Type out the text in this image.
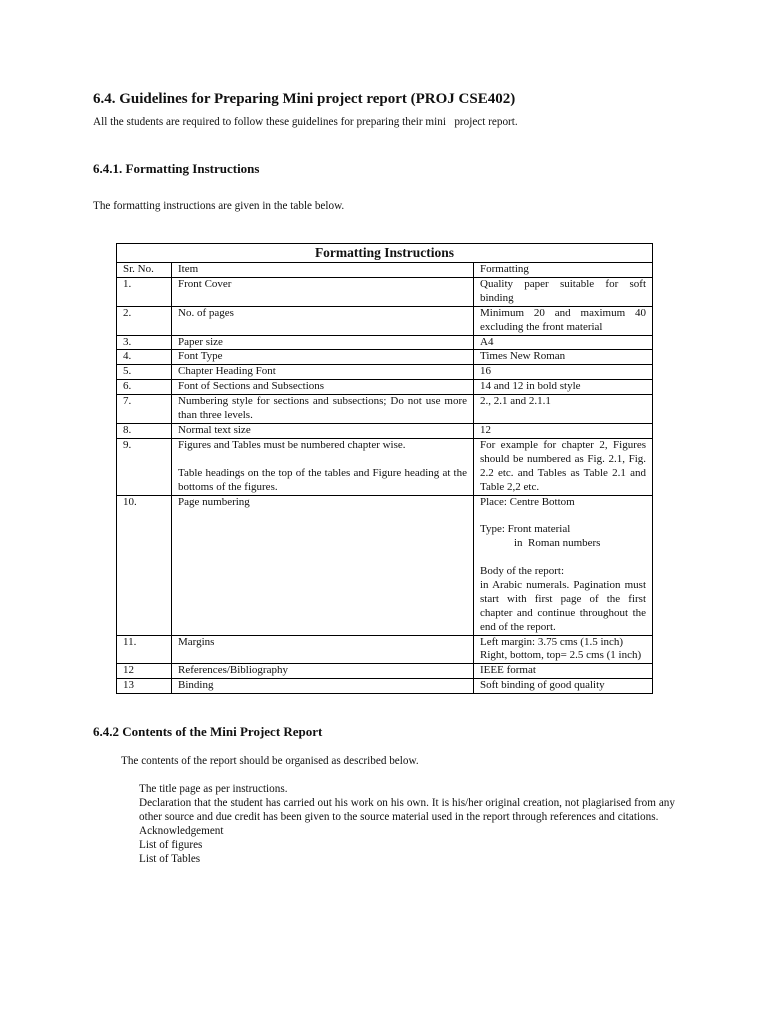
6.4. Guidelines for Preparing Mini project report (PROJ CSE402)

All the students are required to follow these guidelines for preparing their mini   project report.

6.4.1. Formatting Instructions

The formatting instructions are given in the table below.

Formatting Instructions		
Sr. No.	Item	Formatting
1.	Front Cover	Quality paper suitable for soft binding
2.	No. of pages	Minimum 20 and maximum 40 excluding the front material
3.	Paper size	A4
4.	Font Type	Times New Roman
5.	Chapter Heading Font	16
6.	Font of Sections and Subsections	14 and 12 in bold style
7.	Numbering style for sections and subsections; Do not use more than three levels.	2., 2.1 and 2.1.1
8.	Normal text size	12
9.	Figures and Tables must be numbered chapter wise.
Table headings on the top of the tables and Figure heading at the bottoms of the figures.	For example for chapter 2, Figures should be numbered as Fig. 2.1, Fig. 2.2 etc. and Tables as Table 2.1 and Table 2,2 etc.
10.	Page numbering	Place: Centre Bottom
Type: Front material
in  Roman numbers
Body of the report:
in Arabic numerals. Pagination must start with first page of the first chapter and continue throughout the end of the report.

11.	Margins	Left margin: 3.75 cms (1.5 inch)
Right, bottom, top= 2.5 cms (1 inch)

12	References/Bibliography	IEEE format
13	Binding	Soft binding of good quality
6.4.2 Contents of the Mini Project Report

The contents of the report should be organised as described below.

The title page as per instructions.
Declaration that the student has carried out his work on his own. It is his/her original creation, not plagiarised from any other source and due credit has been given to the source material used in the report through references and citations.
Acknowledgement
List of figures
List of Tables
